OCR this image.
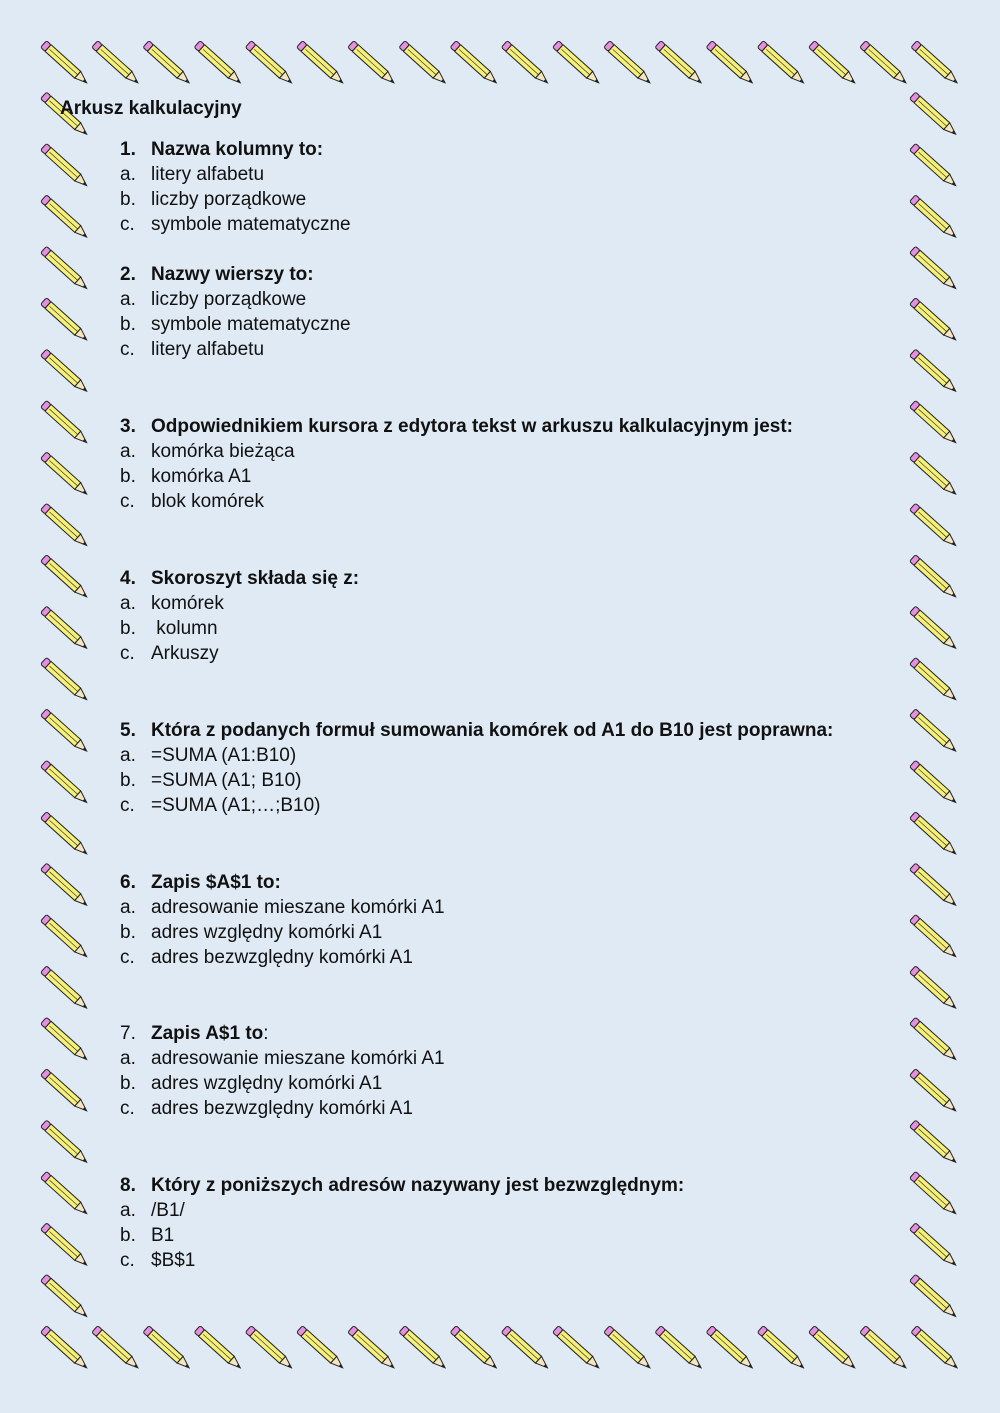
Arkusz kalkulacyjny
1. Nazwa kolumny to:
a. litery alfabetu
b. liczby porządkowe
c. symbole matematyczne
2. Nazwy wierszy to:
a. liczby porządkowe
b. symbole matematyczne
c. litery alfabetu
3. Odpowiednikiem kursora z edytora tekst w arkuszu kalkulacyjnym jest:
a. komórka bieżąca
b. komórka A1
c. blok komórek
4. Skoroszyt składa się z:
a. komórek
b. kolumn
c. Arkuszy
5. Która z podanych formuł sumowania komórek od A1 do B10 jest poprawna:
a. =SUMA (A1:B10)
b. =SUMA (A1; B10)
c. =SUMA (A1;…;B10)
6. Zapis $A$1 to:
a. adresowanie mieszane komórki A1
b. adres względny komórki A1
c. adres bezwzględny komórki A1
7. Zapis A$1 to:
a. adresowanie mieszane komórki A1
b. adres względny komórki A1
c. adres bezwzględny komórki A1
8. Który z poniższych adresów nazywany jest bezwzględnym:
a. /B1/
b. B1
c. $B$1
